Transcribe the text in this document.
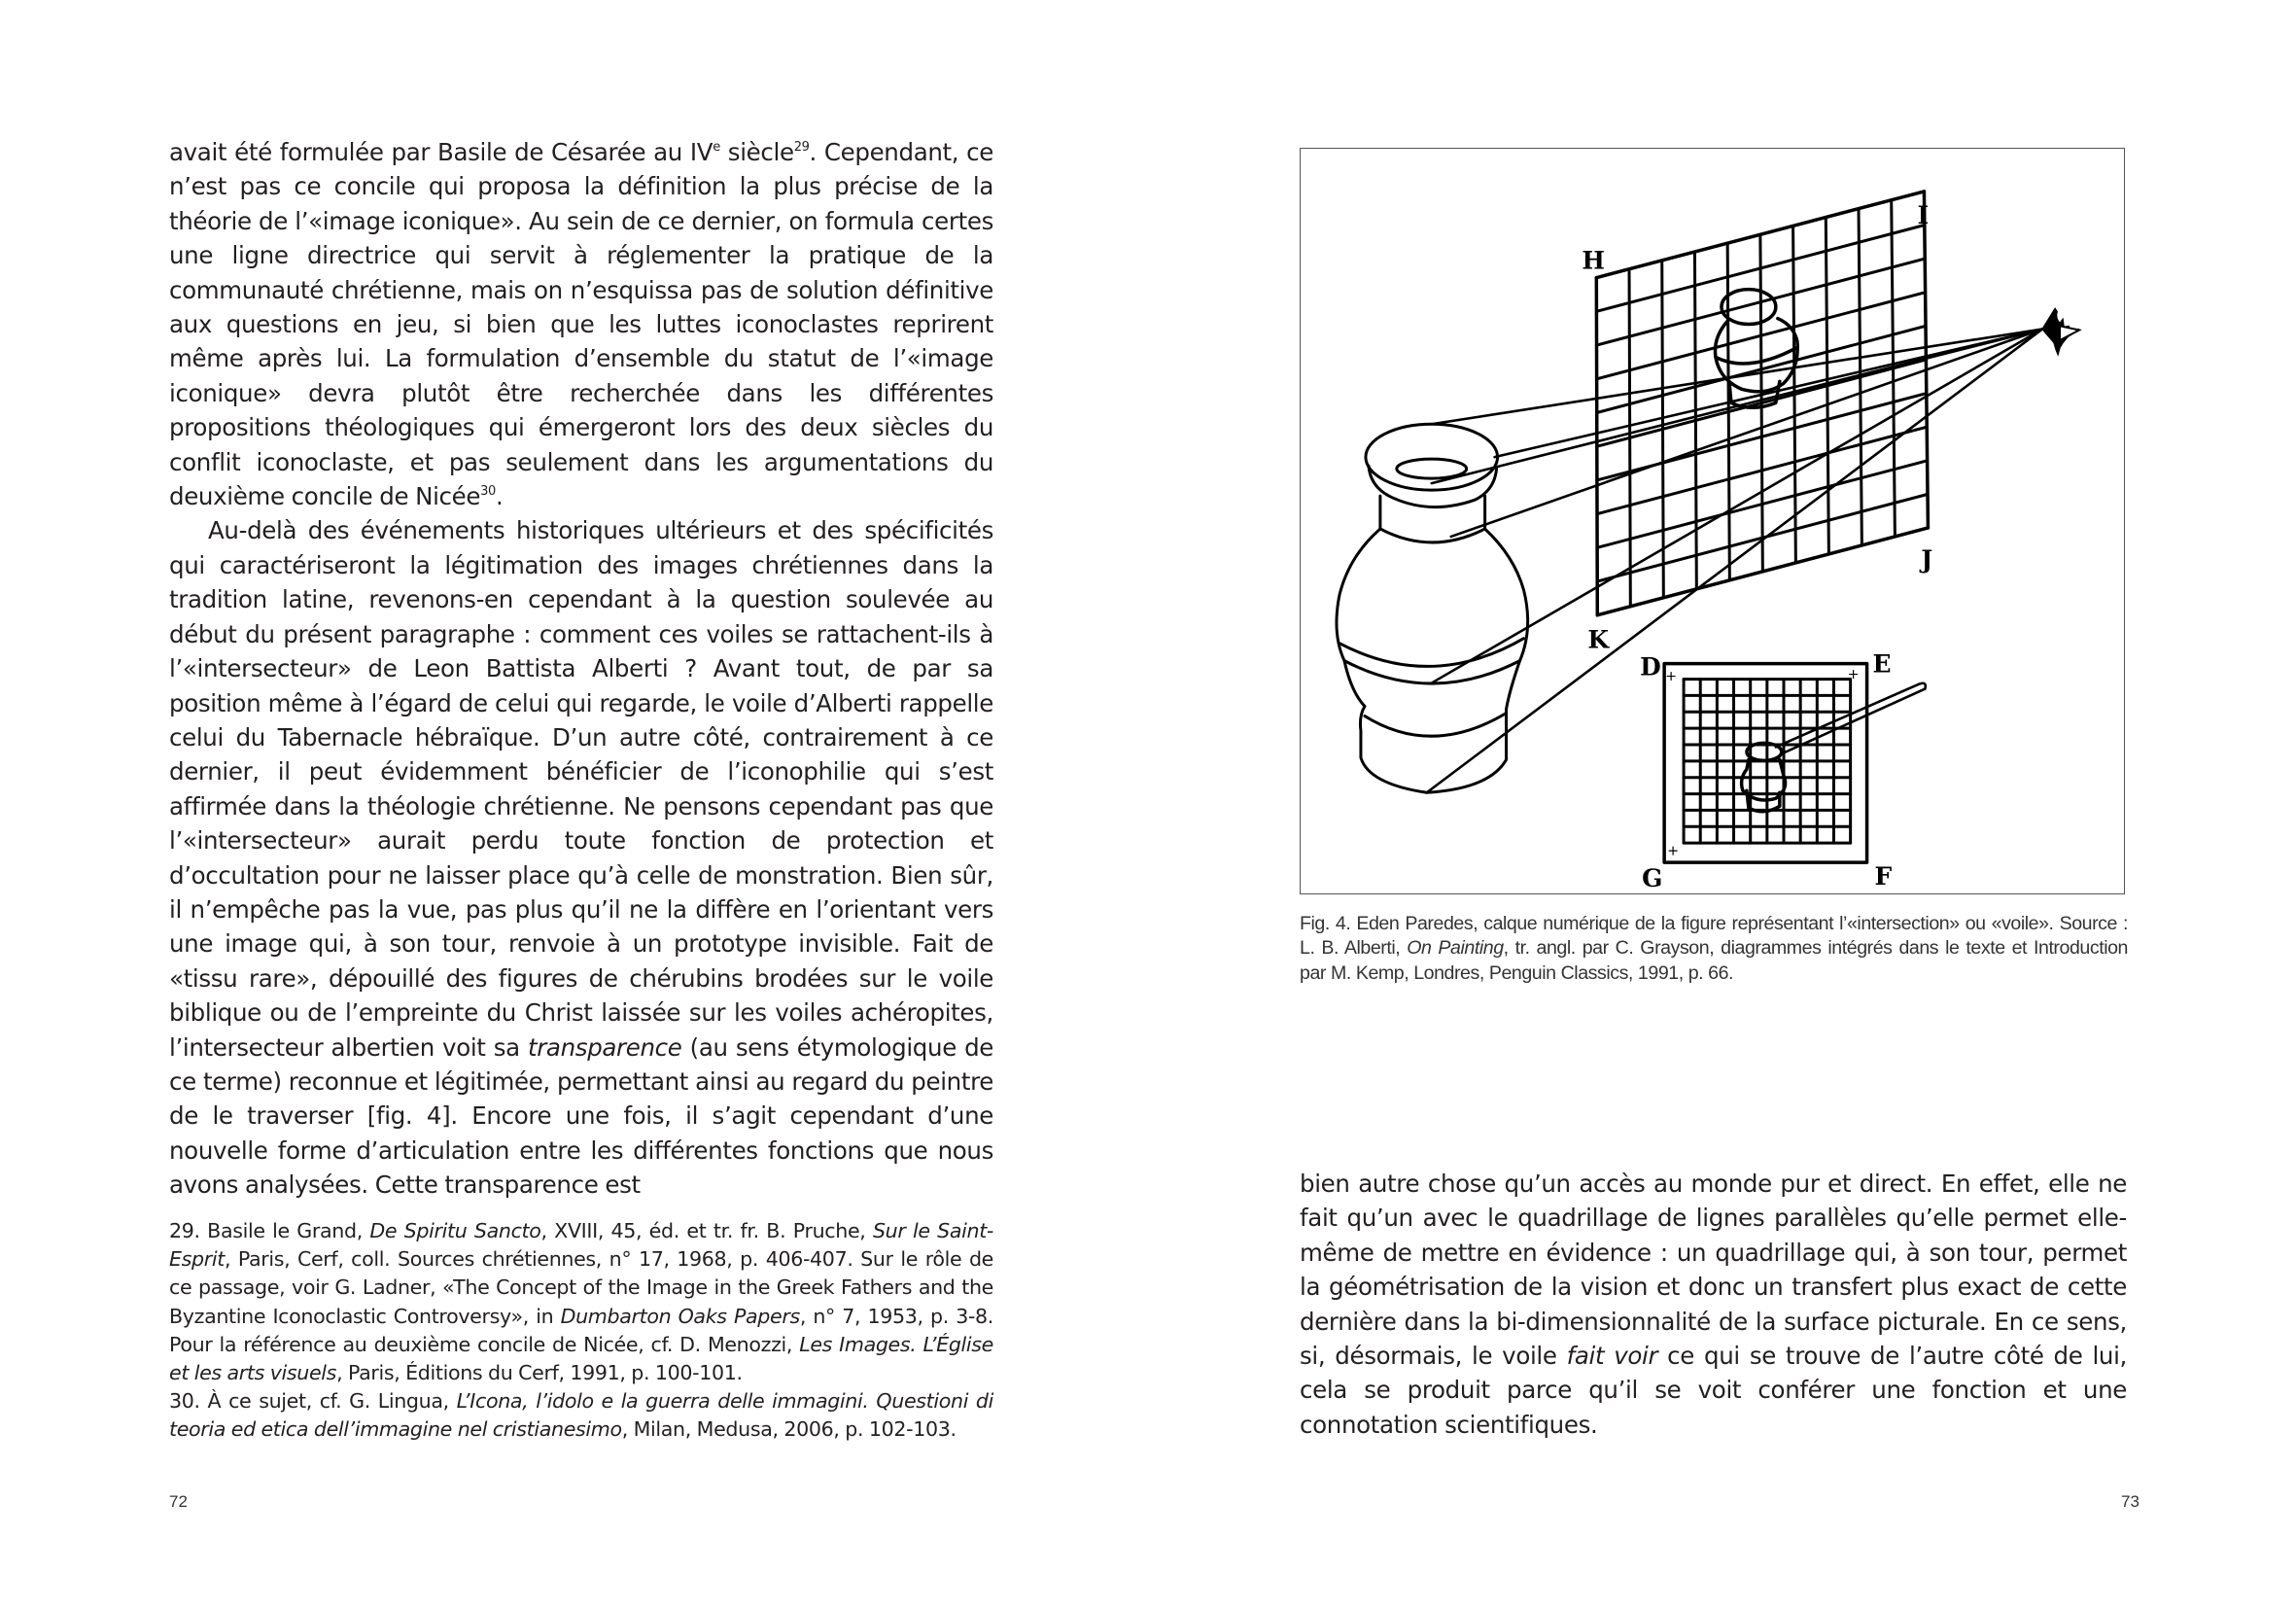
avait été formulée par Basile de Césarée au IVe siècle$^{29}$. Cependant, ce n’est pas ce concile qui proposa la définition la plus précise de la théorie de l’«image iconique». Au sein de ce dernier, on formula certes une ligne directrice qui servit à réglementer la pratique de la communauté chrétienne, mais on n’esquissa pas de solution définitive aux questions en jeu, si bien que les luttes iconoclastes reprirent même après lui. La formulation d’ensemble du statut de l’«image iconique» devra plutôt être recherchée dans les différentes propositions théologiques qui émergeront lors des deux siècles du conflit iconoclaste, et pas seulement dans les argumentations du deuxième concile de Nicée$^{30}$.

Au-delà des événements historiques ultérieurs et des spécificités qui caractériseront la légitimation des images chrétiennes dans la tradition latine, revenons-en cependant à la question soulevée au début du présent paragraphe : comment ces voiles se rattachent-ils à l’«intersecteur» de Leon Battista Alberti ? Avant tout, de par sa position même à l’égard de celui qui regarde, le voile d’Alberti rappelle celui du Tabernacle hébraïque. D’un autre côté, contrairement à ce dernier, il peut évidemment bénéficier de l’iconophilie qui s’est affirmée dans la théologie chrétienne. Ne pensons cependant pas que l’«intersecteur» aurait perdu toute fonction de protection et d’occultation pour ne laisser place qu’à celle de monstration. Bien sûr, il n’empêche pas la vue, pas plus qu’il ne la diffère en l’orientant vers une image qui, à son tour, renvoie à un prototype invisible. Fait de «tissu rare», dépouillé des figures de chérubins brodées sur le voile biblique ou de l’empreinte du Christ laissée sur les voiles achéropites, l’intersecteur albertien voit sa transparence (au sens étymologique de ce terme) reconnue et légitimée, permettant ainsi au regard du peintre de le traverser [fig. 4]. Encore une fois, il s’agit cependant d’une nouvelle forme d’articulation entre les différentes fonctions que nous avons analysées. Cette transparence est

29. Basile le Grand, De Spiritu Sancto, XVIII, 45, éd. et tr. fr. B. Pruche, Sur le Saint-Esprit, Paris, Cerf, coll. Sources chrétiennes, n° 17, 1968, p. 406-407. Sur le rôle de ce passage, voir G. Ladner, «The Concept of the Image in the Greek Fathers and the Byzantine Iconoclastic Controversy», in Dumbarton Oaks Papers, n° 7, 1953, p. 3-8. Pour la référence au deuxième concile de Nicée, cf. D. Menozzi, Les Images. L’Église et les arts visuels, Paris, Éditions du Cerf, 1991, p. 100-101.

30. À ce sujet, cf. G. Lingua, L’Icona, l’idolo e la guerra delle immagini. Questioni di teoria ed etica dell’immagine nel cristianesimo, Milan, Medusa, 2006, p. 102-103.

72
H
I
J
K
D	E
F
G

Fig. 4. Eden Paredes, calque numérique de la figure représentant l’«intersection» ou «voile». Source : L. B. Alberti, On Painting, tr. angl. par C. Grayson, diagrammes intégrés dans le texte et Introduction par M. Kemp, Londres, Penguin Classics, 1991, p. 66.

bien autre chose qu’un accès au monde pur et direct. En effet, elle ne fait qu’un avec le quadrillage de lignes parallèles qu’elle permet elle-même de mettre en évidence : un quadrillage qui, à son tour, permet la géométrisation de la vision et donc un transfert plus exact de cette dernière dans la bi-dimensionnalité de la surface picturale. En ce sens, si, désormais, le voile fait voir ce qui se trouve de l’autre côté de lui, cela se produit parce qu’il se voit conférer une fonction et une connotation scientifiques.

73
